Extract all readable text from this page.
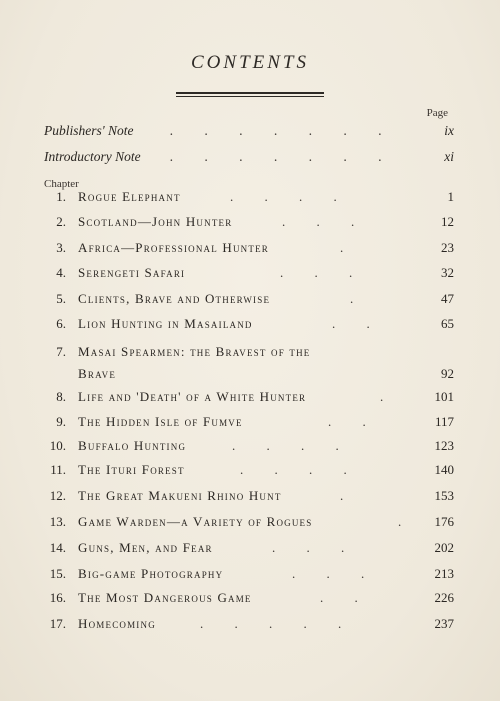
CONTENTS
Page
Publishers' Note	. . . . . . .	ix
Introductory Note . . . . . . .	xi
Chapter
1. Rogue Elephant	. . . .	1
2. Scotland—John Hunter	. . .	12
3. Africa—Professional Hunter	.	23
4. Serengeti Safari	. . .	32
5. Clients, Brave and Otherwise	.	47
6. Lion Hunting in Masailand	. .	65
7. Masai Spearmen: the Bravest of the
Brave	92
8. Life and 'Death' of a White Hunter	.	101
9. The Hidden Isle of Fumve	. .	117
10. Buffalo Hunting	. . . .	123
11. The Ituri Forest	. . . .	140
12. The Great Makueni Rhino Hunt	.	153
13. Game Warden—a Variety of Rogues	.	176
14. Guns, Men, and Fear	. . .	202
15. Big-game Photography	. . .	213
16. The Most Dangerous Game	. .	226
17. Homecoming	. . . . .	237
